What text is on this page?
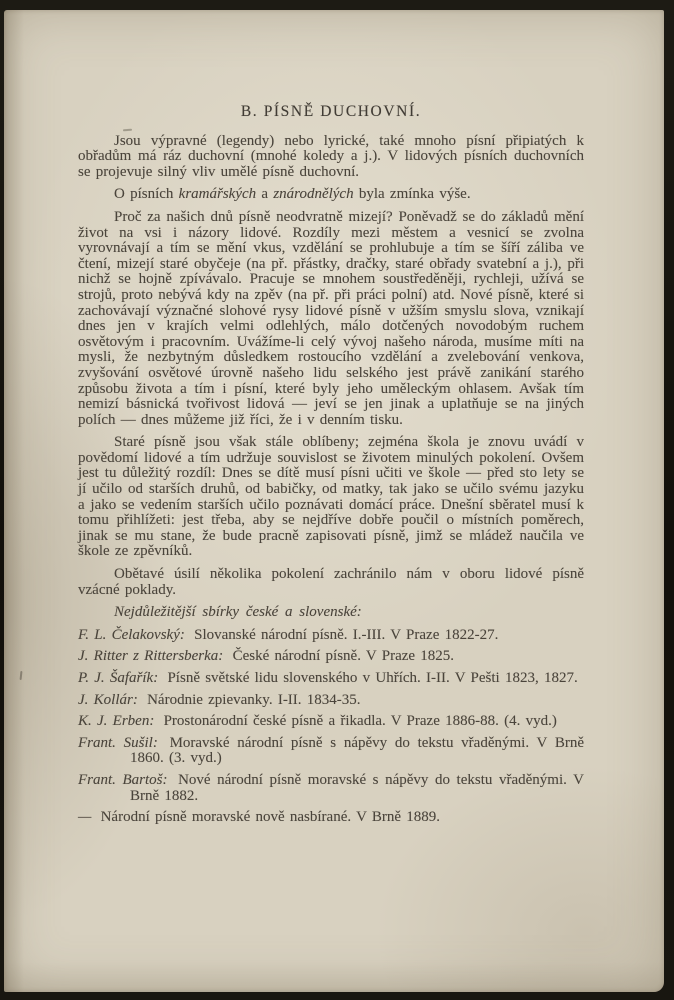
B. PÍSNĚ DUCHOVNÍ.

Jsou výpravné (legendy) nebo lyrické, také mnoho písní připiatých k obřadům má ráz duchovní (mnohé koledy a j.). V lidových písních duchovních se projevuje silný vliv umělé písně duchovní.

O písních kramářských a znárodnělých byla zmínka výše.

Proč za našich dnů písně neodvratně mizejí? Poněvadž se do základů mění život na vsi i názory lidové. Rozdíly mezi městem a vesnicí se zvolna vyrovnávají a tím se mění vkus, vzdělání se prohlubuje a tím se šíří záliba ve čtení, mizejí staré obyčeje (na př. přástky, dračky, staré obřady svatební a j.), při nichž se hojně zpívávalo. Pracuje se mnohem soustředěněji, rychleji, užívá se strojů, proto nebývá kdy na zpěv (na př. při práci polní) atd. Nové písně, které si zachovávají význačné slohové rysy lidové písně v užším smyslu slova, vznikají dnes jen v krajích velmi odlehlých, málo dotčených novodobým ruchem osvětovým i pracovním. Uvážíme-li celý vývoj našeho národa, musíme míti na mysli, že nezbytným důsledkem rostoucího vzdělání a zvelebování venkova, zvyšování osvětové úrovně našeho lidu selského jest právě zanikání starého způsobu života a tím i písní, které byly jeho uměleckým ohlasem. Avšak tím nemizí básnická tvořivost lidová — jeví se jen jinak a uplatňuje se na jiných polích — dnes můžeme již říci, že i v denním tisku.

Staré písně jsou však stále oblíbeny; zejména škola je znovu uvádí v povědomí lidové a tím udržuje souvislost se životem minulých pokolení. Ovšem jest tu důležitý rozdíl: Dnes se dítě musí písni učiti ve škole — před sto lety se jí učilo od starších druhů, od babičky, od matky, tak jako se učilo svému jazyku a jako se vedením starších učilo poznávati domácí práce. Dnešní sběratel musí k tomu přihlížeti: jest třeba, aby se nejdříve dobře poučil o místních poměrech, jinak se mu stane, že bude pracně zapisovati písně, jimž se mládež naučila ve škole ze zpěvníků.

Obětavé úsilí několika pokolení zachránilo nám v oboru lidové písně vzácné poklady.

Nejdůležitější sbírky české a slovenské:

F. L. Čelakovský: Slovanské národní písně. I.-III. V Praze 1822-27.

J. Ritter z Rittersberka: České národní písně. V Praze 1825.

P. J. Šafařík: Písně světské lidu slovenského v Uhřích. I-II. V Pešti 1823, 1827.

J. Kollár: Národnie zpievanky. I-II. 1834-35.

K. J. Erben: Prostonárodní české písně a řikadla. V Praze 1886-88. (4. vyd.)

Frant. Sušil: Moravské národní písně s nápěvy do tekstu vřaděnými. V Brně 1860. (3. vyd.)

Frant. Bartoš: Nové národní písně moravské s nápěvy do tekstu vřaděnými. V Brně 1882.

— Národní písně moravské nově nasbírané. V Brně 1889.
